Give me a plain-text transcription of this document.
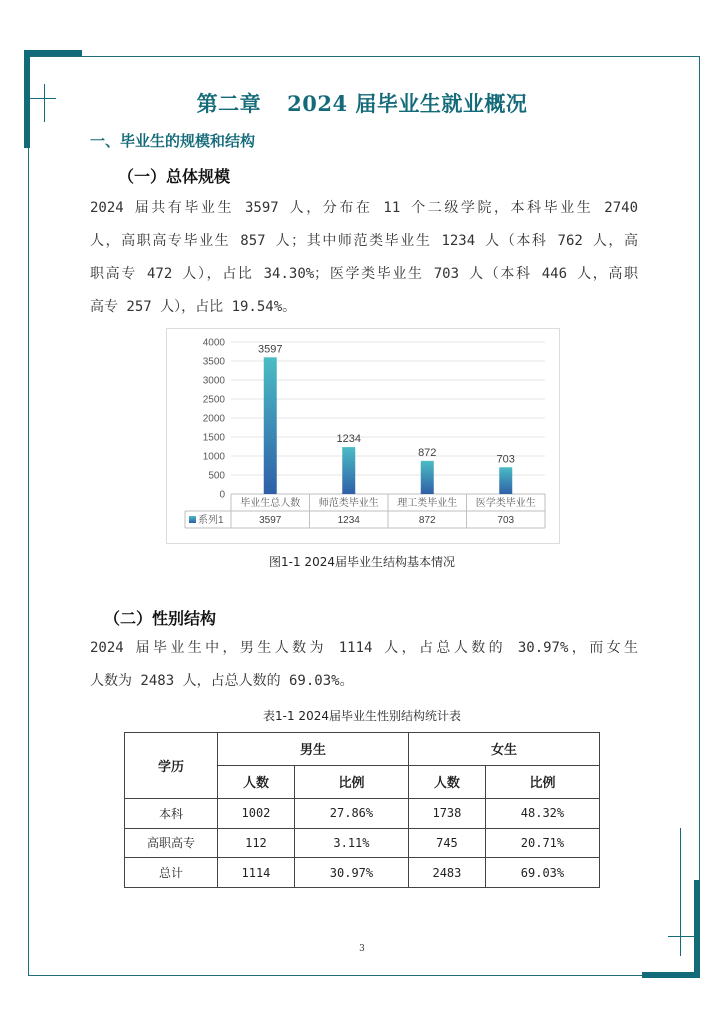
第二章 2024 届毕业生就业概况
一、毕业生的规模和结构
（一）总体规模
2024 届共有毕业生 3597 人，分布在 11 个二级学院，本科毕业生 2740
人，高职高专毕业生 857 人；其中师范类毕业生 1234 人（本科 762 人，高
职高专 472 人），占比 34.30%；医学类毕业生 703 人（本科 446 人，高职
高专 257 人），占比 19.54%。
0
500
1000
1500
2000
2500
3000
3500
4000
3597
1234
872
703
毕业生总人数
3597
师范类毕业生
1234
理工类毕业生
872
医学类毕业生
703
系列1
图1-1 2024届毕业生结构基本情况
（二）性别结构
2024 届毕业生中，男生人数为 1114 人，占总人数的 30.97%，而女生
人数为 2483 人，占总人数的 69.03%。
表1-1 2024届毕业生性别结构统计表
学历	男生		女生	
	人数	比例	人数	比例
本科	1002	27.86%	1738	48.32%
高职高专	112	3.11%	745	20.71%
总计	1114	30.97%	2483	69.03%
3
